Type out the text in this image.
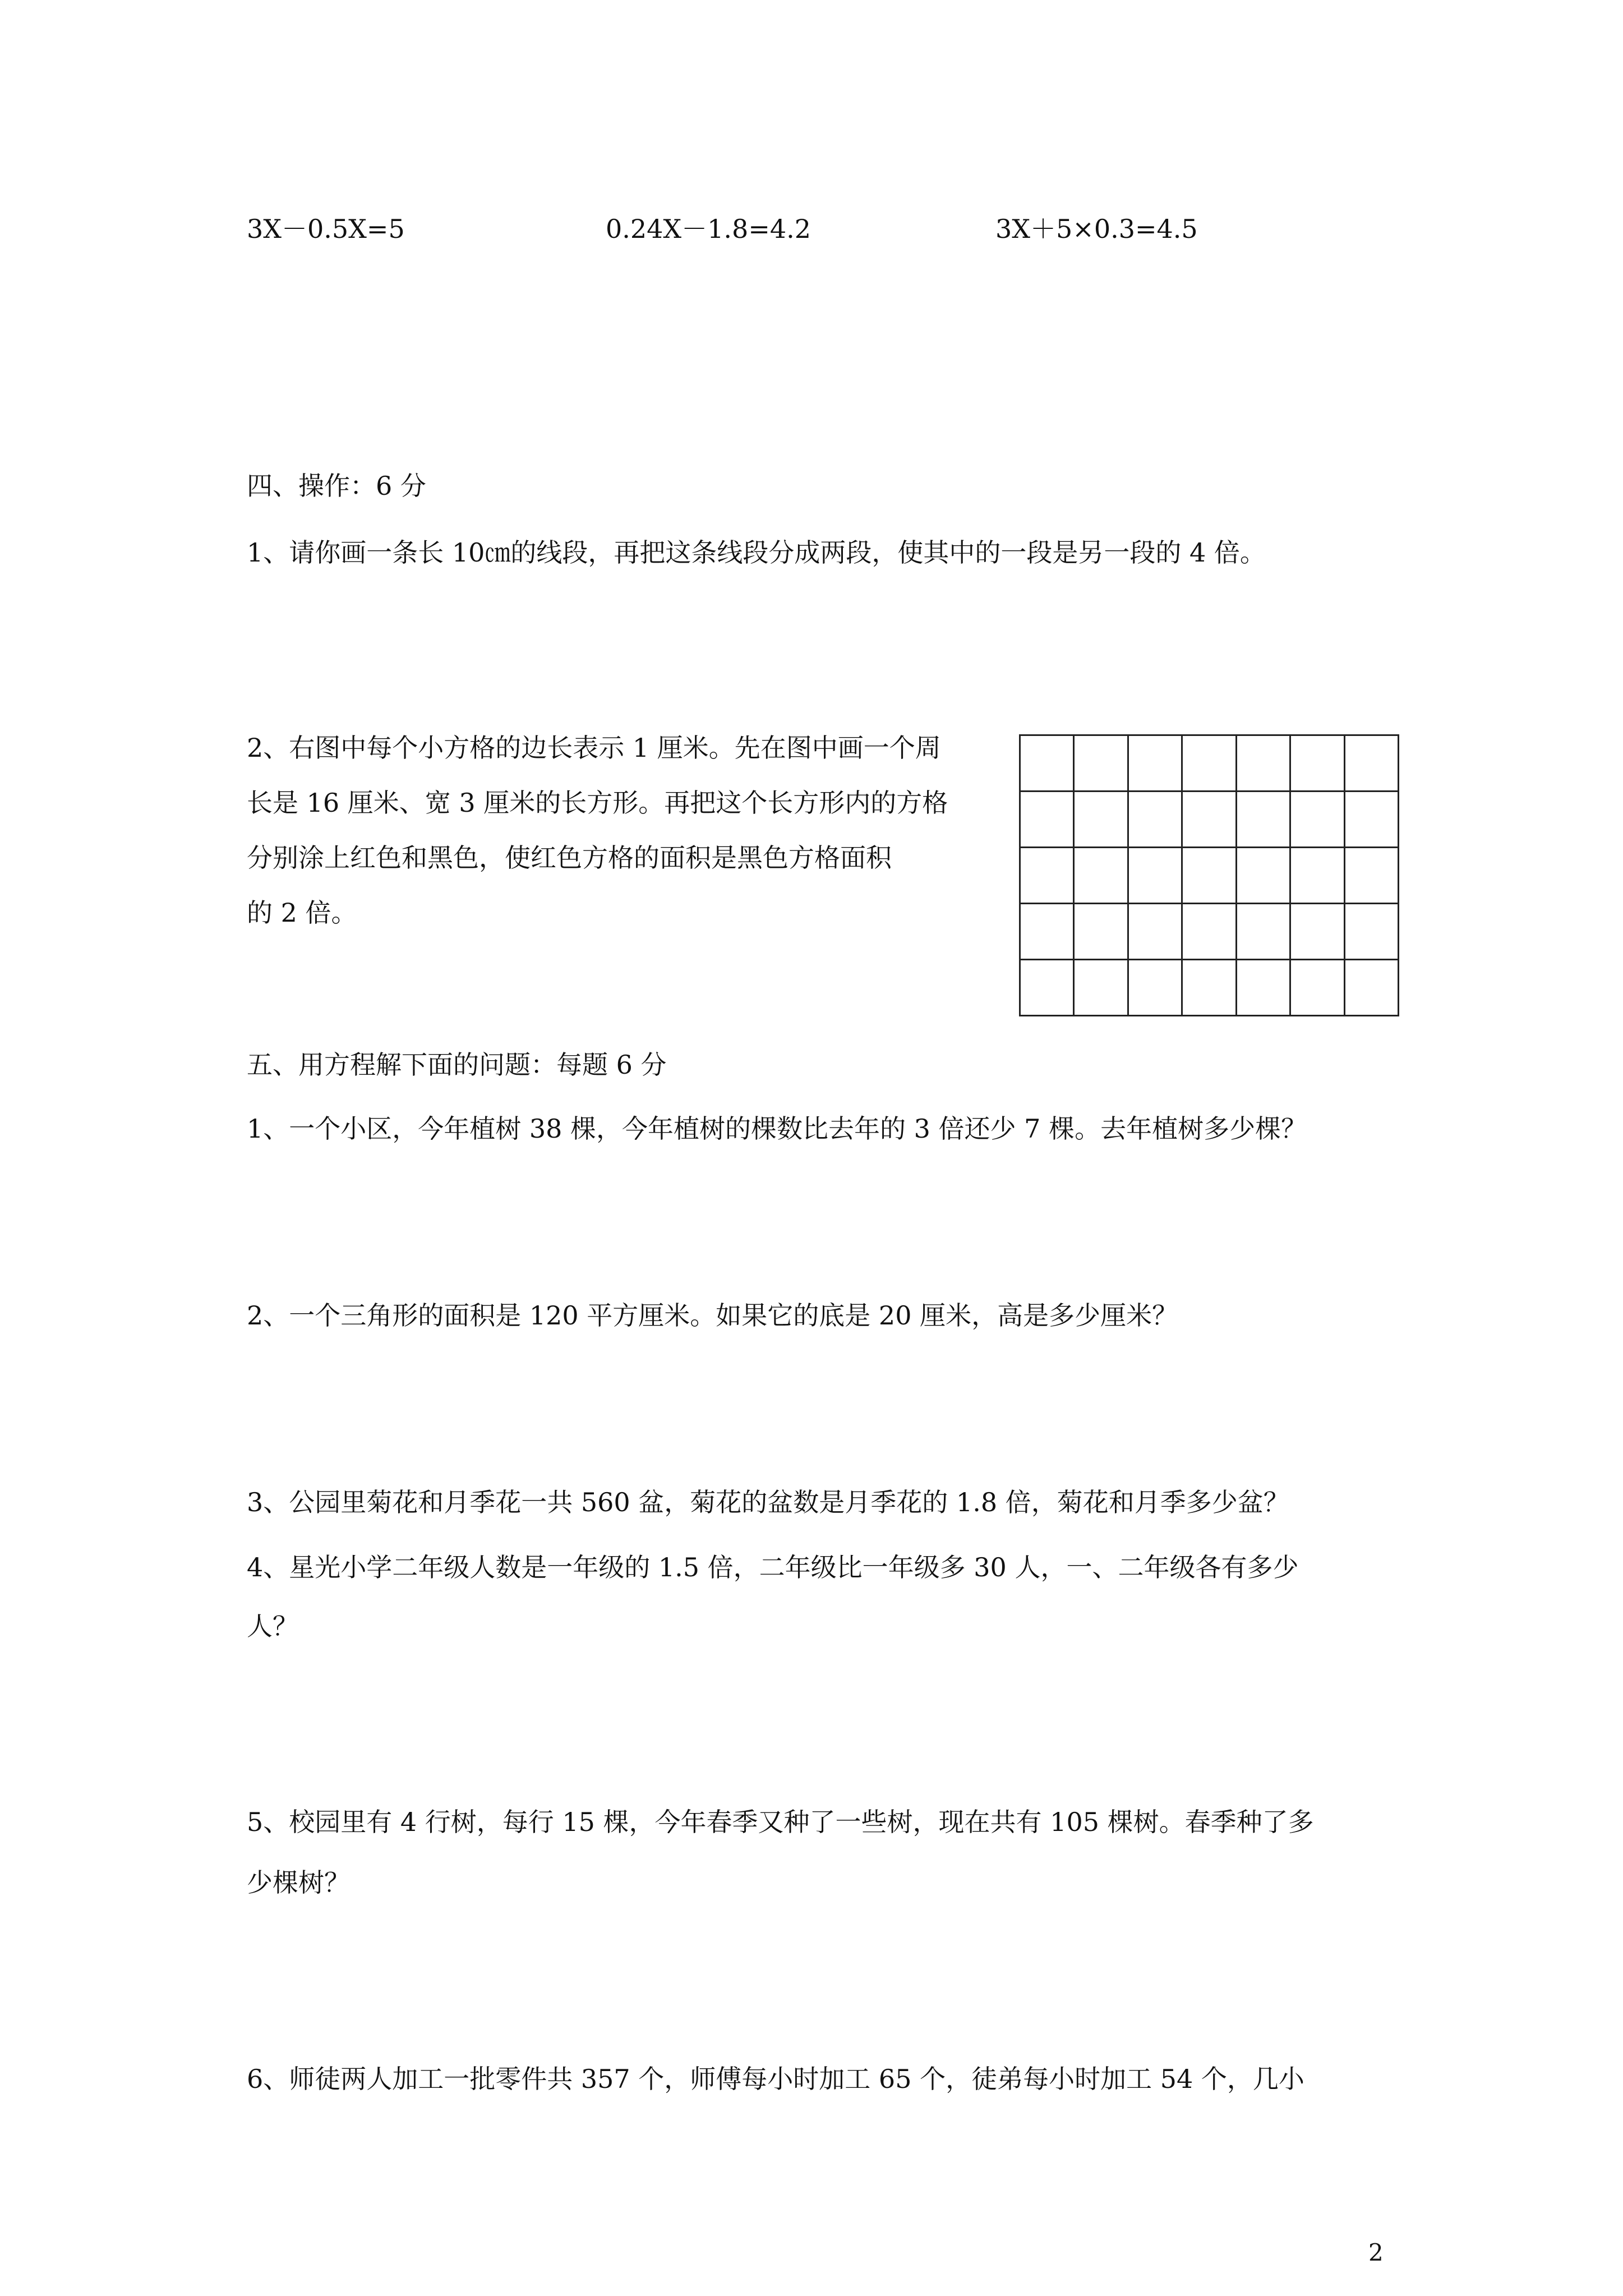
3X－0.5X=5	0.24X－1.8=4.2	3X＋5×0.3=4.5
四、操作：6 分
1、请你画一条长 10㎝的线段，再把这条线段分成两段，使其中的一段是另一段的 4 倍。
2、右图中每个小方格的边长表示 1 厘米。先在图中画一个周
长是 16 厘米、宽 3 厘米的长方形。再把这个长方形内的方格
分别涂上红色和黑色，使红色方格的面积是黑色方格面积
的 2 倍。

五、用方程解下面的问题：每题 6 分
1、一个小区，今年植树 38 棵，今年植树的棵数比去年的 3 倍还少 7 棵。去年植树多少棵？
2、一个三角形的面积是 120 平方厘米。如果它的底是 20 厘米，高是多少厘米？
3、公园里菊花和月季花一共 560 盆，菊花的盆数是月季花的 1.8 倍，菊花和月季多少盆？
4、星光小学二年级人数是一年级的 1.5 倍，二年级比一年级多 30 人，一、二年级各有多少
人？
5、校园里有 4 行树，每行 15 棵，今年春季又种了一些树，现在共有 105 棵树。春季种了多
少棵树？
6、师徒两人加工一批零件共 357 个，师傅每小时加工 65 个，徒弟每小时加工 54 个，几小
2
